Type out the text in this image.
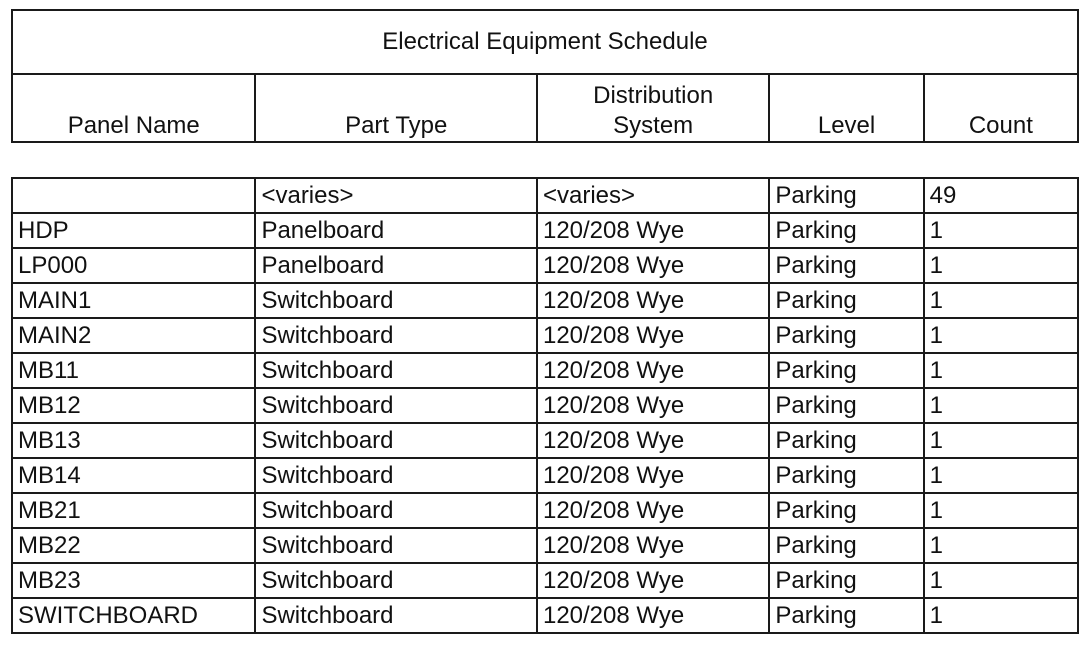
Electrical Equipment Schedule
Panel Name	Part Type	Distribution System	Level	Count
	<varies>	<varies>	Parking	49
HDP	Panelboard	120/208 Wye	Parking	1
LP000	Panelboard	120/208 Wye	Parking	1
MAIN1	Switchboard	120/208 Wye	Parking	1
MAIN2	Switchboard	120/208 Wye	Parking	1
MB11	Switchboard	120/208 Wye	Parking	1
MB12	Switchboard	120/208 Wye	Parking	1
MB13	Switchboard	120/208 Wye	Parking	1
MB14	Switchboard	120/208 Wye	Parking	1
MB21	Switchboard	120/208 Wye	Parking	1
MB22	Switchboard	120/208 Wye	Parking	1
MB23	Switchboard	120/208 Wye	Parking	1
SWITCHBOARD	Switchboard	120/208 Wye	Parking	1
